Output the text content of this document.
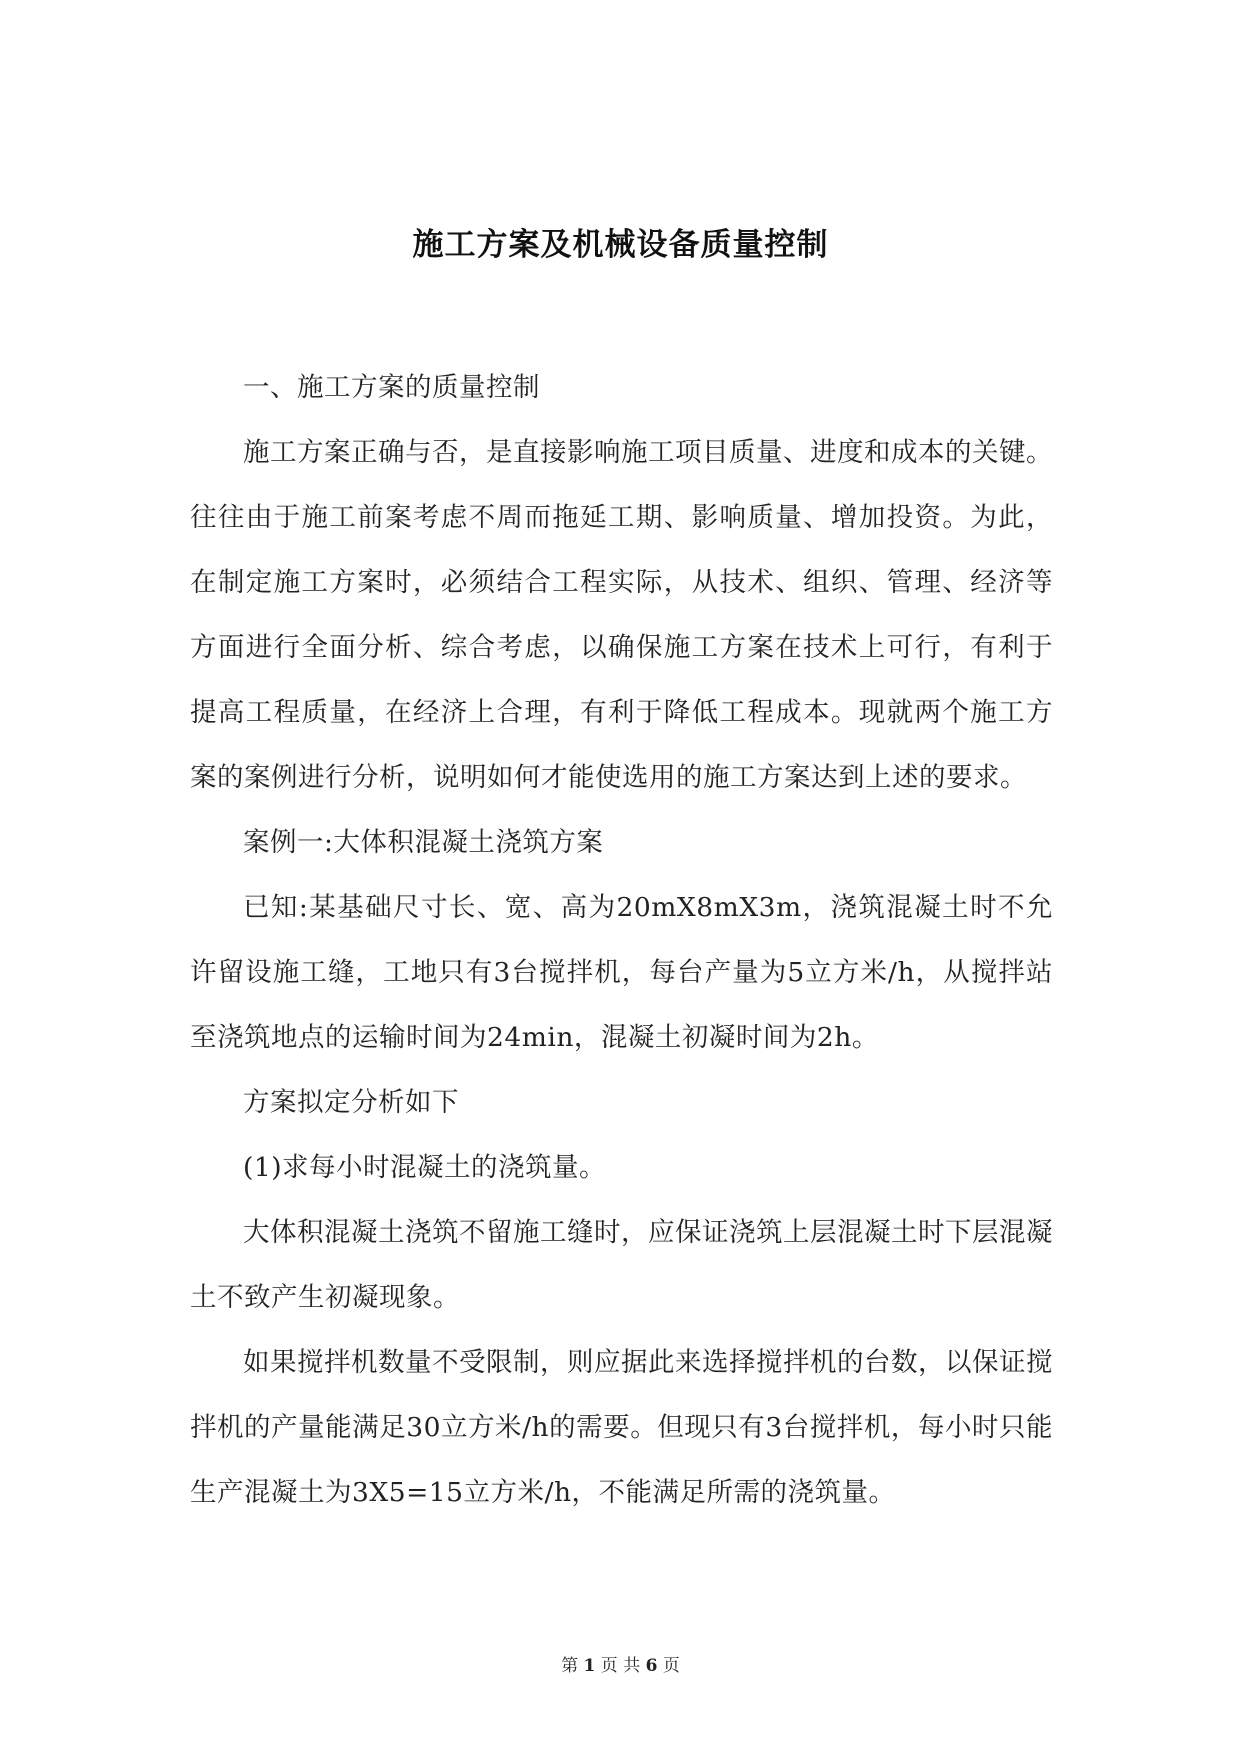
施工方案及机械设备质量控制

一、施工方案的质量控制

施工方案正确与否，是直接影响施工项目质量、进度和成本的关键。往往由于施工前案考虑不周而拖延工期、影响质量、增加投资。为此，在制定施工方案时，必须结合工程实际，从技术、组织、管理、经济等方面进行全面分析、综合考虑，以确保施工方案在技术上可行，有利于提高工程质量，在经济上合理，有利于降低工程成本。现就两个施工方案的案例进行分析，说明如何才能使选用的施工方案达到上述的要求。

案例一:大体积混凝土浇筑方案

已知:某基础尺寸长、宽、高为20mX8mX3m，浇筑混凝土时不允许留设施工缝，工地只有3台搅拌机，每台产量为5立方米/h，从搅拌站至浇筑地点的运输时间为24min，混凝土初凝时间为2h。

方案拟定分析如下

(1)求每小时混凝土的浇筑量。

大体积混凝土浇筑不留施工缝时，应保证浇筑上层混凝土时下层混凝土不致产生初凝现象。

如果搅拌机数量不受限制，则应据此来选择搅拌机的台数，以保证搅拌机的产量能满足30立方米/h的需要。但现只有3台搅拌机，每小时只能生产混凝土为3X5=15立方米/h，不能满足所需的浇筑量。

第 1 页 共 6 页
